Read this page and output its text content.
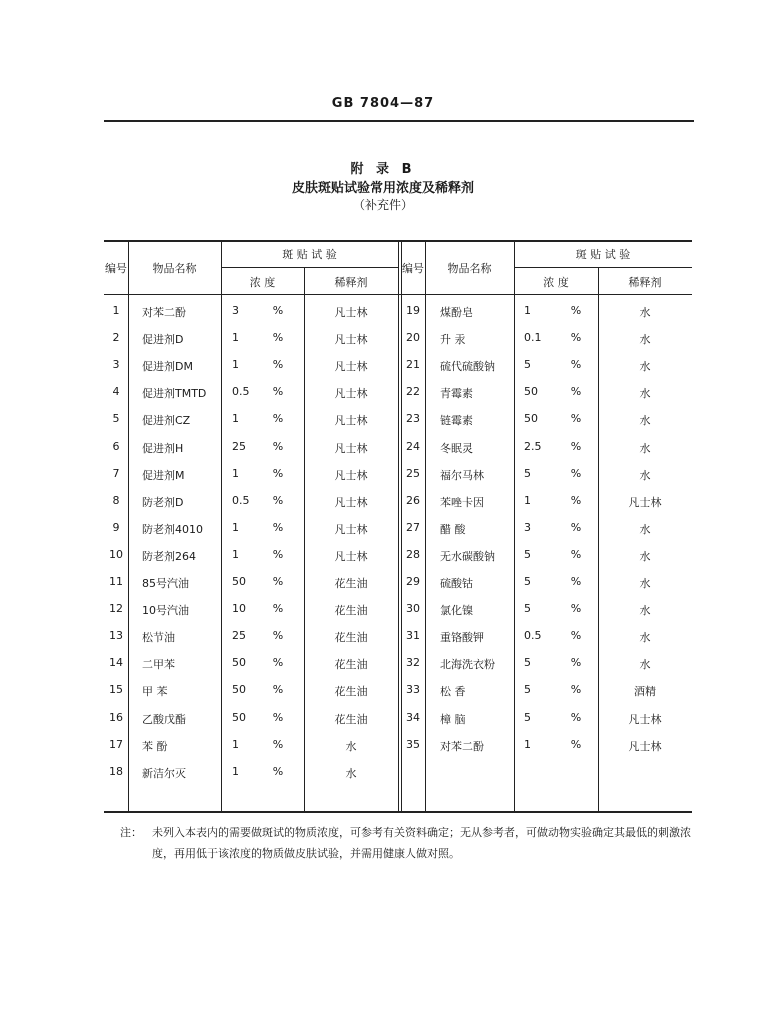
GB 7804—87
附 录 B
皮肤斑贴试验常用浓度及稀释剂
（补充件）
编号	物品名称
斑 贴 试 验
浓 度	稀释剂
编号	物品名称
斑 贴 试 验
浓 度	稀释剂
1	对苯二酚	3	%	凡士林
2	促进剂D	1	%	凡士林
3	促进剂DM	1	%	凡士林
4	促进剂TMTD	0.5	%	凡士林
5	促进剂CZ	1	%	凡士林
6	促进剂H	25	%	凡士林
7	促进剂M	1	%	凡士林
8	防老剂D	0.5	%	凡士林
9	防老剂4010	1	%	凡士林
10	防老剂264	1	%	凡士林
11	85号汽油	50	%	花生油
12	10号汽油	10	%	花生油
13	松节油	25	%	花生油
14	二甲苯	50	%	花生油
15	甲 苯	50	%	花生油
16	乙酸戊酯	50	%	花生油
17	苯 酚	1	%	水
18	新洁尔灭	1	%	水
19	煤酚皂	1	%	水
20	升 汞	0.1	%	水
21	硫代硫酸钠	5	%	水
22	青霉素	50	%	水
23	链霉素	50	%	水
24	冬眠灵	2.5	%	水
25	福尔马林	5	%	水
26	苯唑卡因	1	%	凡士林
27	醋 酸	3	%	水
28	无水碳酸钠	5	%	水
29	硫酸钴	5	%	水
30	氯化镍	5	%	水
31	重铬酸钾	0.5	%	水
32	北海洗衣粉	5	%	水
33	松 香	5	%	酒精
34	樟 脑	5	%	凡士林
35	对苯二酚	1	%	凡士林
注： 未列入本表内的需要做斑试的物质浓度，可参考有关资料确定；无从参考者，可做动物实验确定其最低的刺激浓度，再用低于该浓度的物质做皮肤试验，并需用健康人做对照。
